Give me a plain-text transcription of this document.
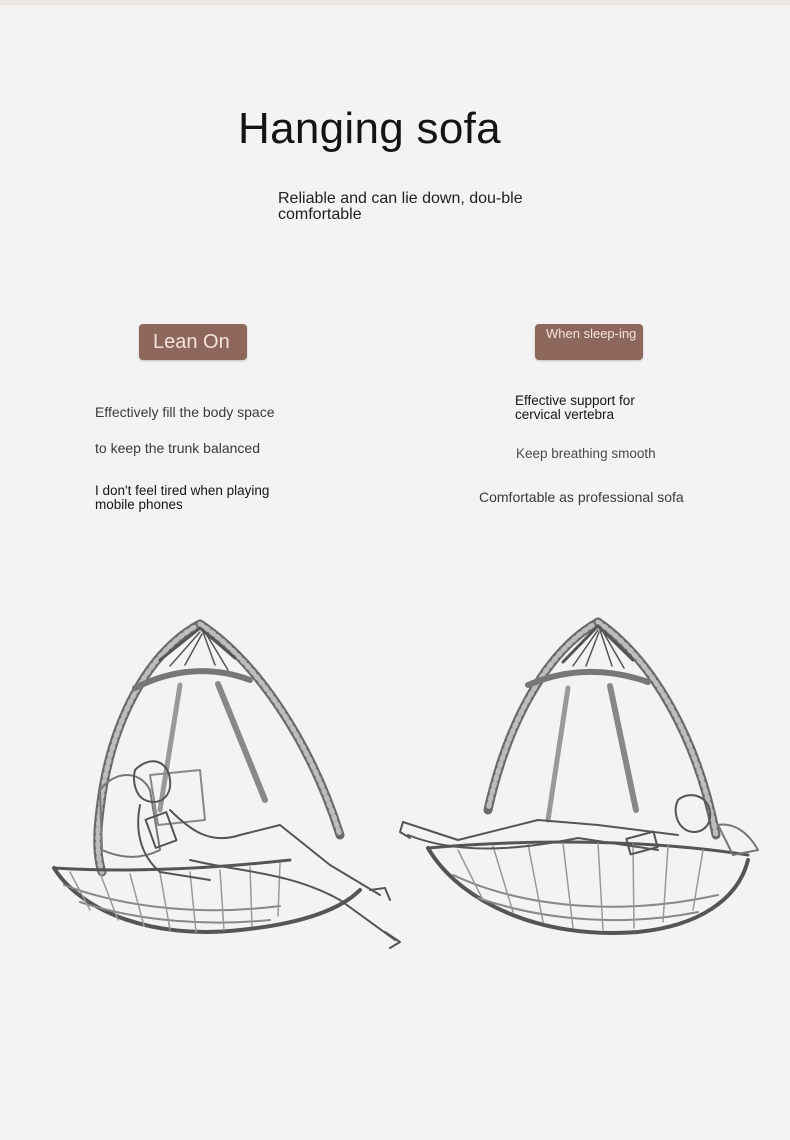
Hanging sofa
Reliable and can lie down, dou-ble comfortable
Lean On	When sleep-ing
Effectively fill the body space
to keep the trunk balanced
I don't feel tired when playing mobile phones
Effective support for cervical vertebra
Keep breathing smooth
Comfortable as professional sofa
